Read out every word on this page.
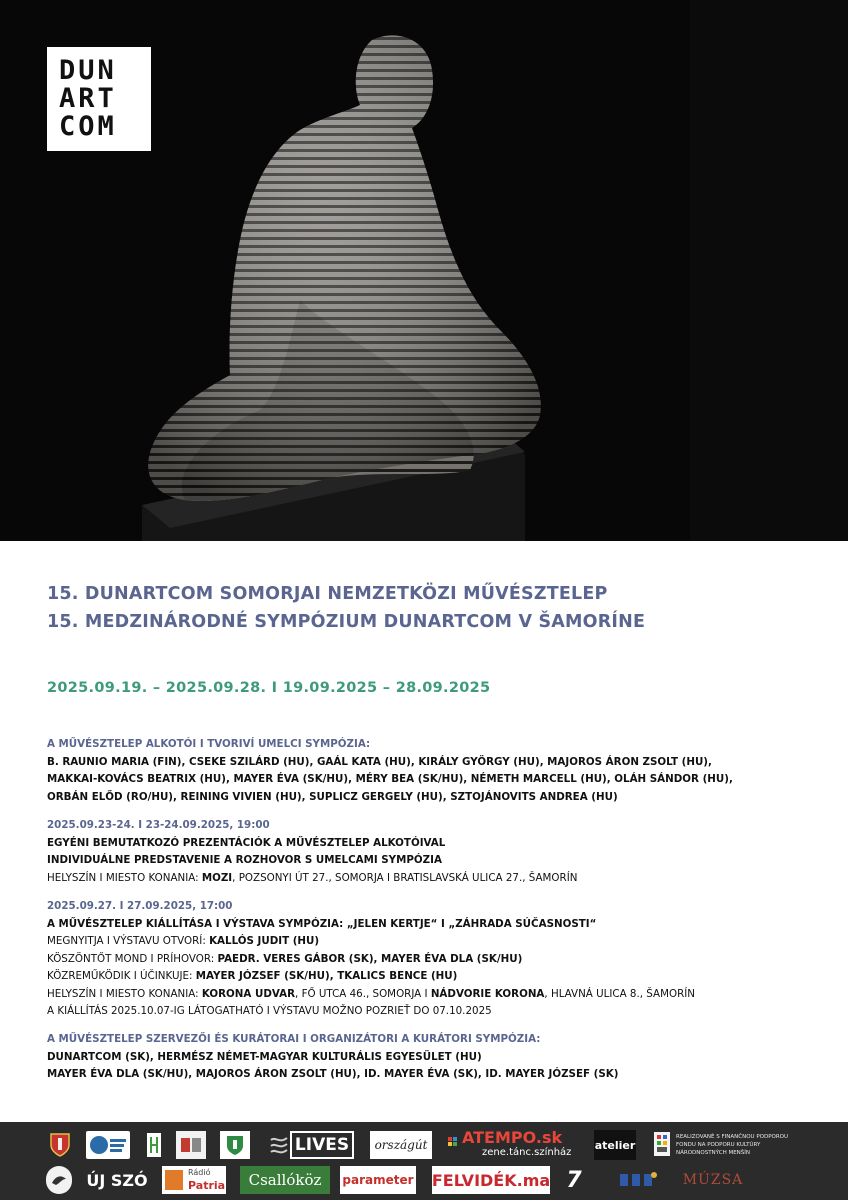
DUN
ART
COM
15. DUNARTCOM SOMORJAI NEMZETKÖZI MŰVÉSZTELEP
15. MEDZINÁRODNÉ SYMPÓZIUM DUNARTCOM V ŠAMORÍNE
2025.09.19. – 2025.09.28. I 19.09.2025 – 28.09.2025
A MŰVÉSZTELEP ALKOTÓI I TVORIVÍ UMELCI SYMPÓZIA:
B. RAUNIO MARIA (FIN), CSEKE SZILÁRD (HU), GAÁL KATA (HU), KIRÁLY GYÖRGY (HU), MAJOROS ÁRON ZSOLT (HU),
MAKKAI-KOVÁCS BEATRIX (HU), MAYER ÉVA (SK/HU), MÉRY BEA (SK/HU), NÉMETH MARCELL (HU), OLÁH SÁNDOR (HU),
ORBÁN ELŐD (RO/HU), REINING VIVIEN (HU), SUPLICZ GERGELY (HU), SZTOJÁNOVITS ANDREA (HU)
2025.09.23-24. I 23-24.09.2025, 19:00
EGYÉNI BEMUTATKOZÓ PREZENTÁCIÓK A MŰVÉSZTELEP ALKOTÓIVAL
INDIVIDUÁLNE PREDSTAVENIE A ROZHOVOR S UMELCAMI SYMPÓZIA
HELYSZÍN I MIESTO KONANIA: MOZI, POZSONYI ÚT 27., SOMORJA I BRATISLAVSKÁ ULICA 27., ŠAMORÍN
2025.09.27. I 27.09.2025, 17:00
A MŰVÉSZTELEP KIÁLLÍTÁSA I VÝSTAVA SYMPÓZIA: „JELEN KERTJE“ I „ZÁHRADA SÚČASNOSTI“
MEGNYITJA I VÝSTAVU OTVORÍ: KALLÓS JUDIT (HU)
KÖSZÖNTŐT MOND I PRÍHOVOR: PAEDR. VERES GÁBOR (SK), MAYER ÉVA DLA (SK/HU)
KÖZREMŰKÖDIK I ÚČINKUJE: MAYER JÓZSEF (SK/HU), TKALICS BENCE (HU)
HELYSZÍN I MIESTO KONANIA: KORONA UDVAR, FŐ UTCA 46., SOMORJA I NÁDVORIE KORONA, HLAVNÁ ULICA 8., ŠAMORÍN
A KIÁLLÍTÁS 2025.10.07-IG LÁTOGATHATÓ I VÝSTAVU MOŽNO POZRIEŤ DO 07.10.2025
A MŰVÉSZTELEP SZERVEZŐI ÉS KURÁTORAI I ORGANIZÁTORI A KURÁTORI SYMPÓZIA:
DUNARTCOM (SK), HERMÉSZ NÉMET-MAGYAR KULTURÁLIS EGYESÜLET (HU)
MAYER ÉVA DLA (SK/HU), MAJOROS ÁRON ZSOLT (HU), ID. MAYER ÉVA (SK), ID. MAYER JÓZSEF (SK)
LIVES	országút ATEMPO.sk
zene.tánc.színház
atelier
REALIZOVANÉ S FINANČNOU PODPOROU FONDU NA PODPORU KULTÚRY NÁRODNOSTNÝCH MENŠÍN
ÚJ SZÓ	Rádió
Patria	Csallóköz	parameter FELVIDÉK.ma 7	MÚZSA
